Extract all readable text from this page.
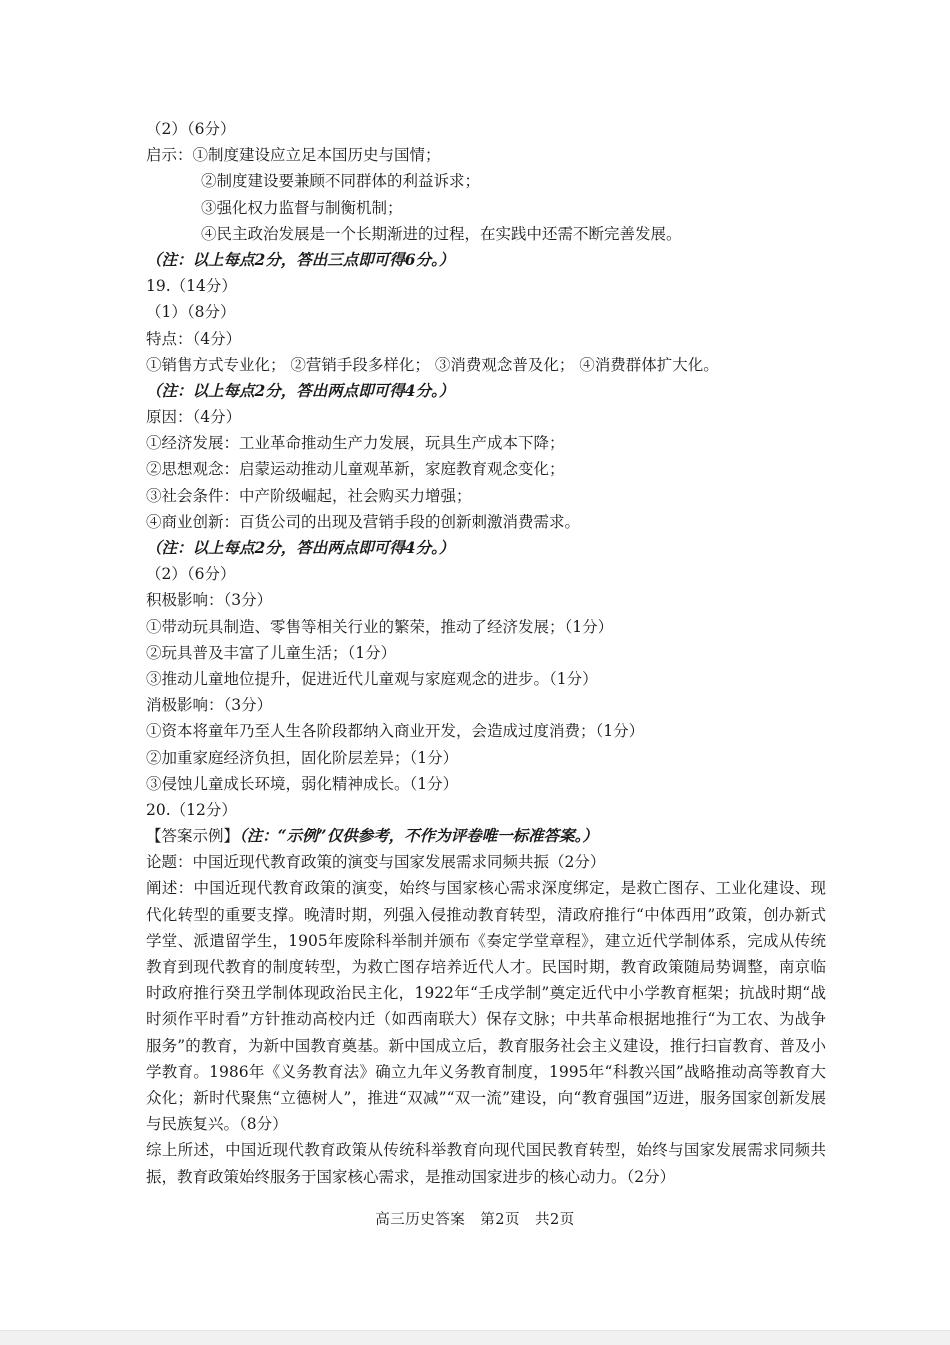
（2）（6分）
启示：①制度建设应立足本国历史与国情；
②制度建设要兼顾不同群体的利益诉求；
③强化权力监督与制衡机制；
④民主政治发展是一个长期渐进的过程，在实践中还需不断完善发展。
（注：以上每点2分，答出三点即可得6分。）
19.（14分）
（1）（8分）
特点：（4分）
①销售方式专业化； ②营销手段多样化； ③消费观念普及化； ④消费群体扩大化。
（注：以上每点2分，答出两点即可得4分。）
原因：（4分）
①经济发展：工业革命推动生产力发展，玩具生产成本下降；
②思想观念：启蒙运动推动儿童观革新，家庭教育观念变化；
③社会条件：中产阶级崛起，社会购买力增强；
④商业创新：百货公司的出现及营销手段的创新刺激消费需求。
（注：以上每点2分，答出两点即可得4分。）
（2）（6分）
积极影响：（3分）
①带动玩具制造、零售等相关行业的繁荣，推动了经济发展；（1分）
②玩具普及丰富了儿童生活；（1分）
③推动儿童地位提升，促进近代儿童观与家庭观念的进步。（1分）
消极影响：（3分）
①资本将童年乃至人生各阶段都纳入商业开发，会造成过度消费；（1分）
②加重家庭经济负担，固化阶层差异；（1分）
③侵蚀儿童成长环境，弱化精神成长。（1分）
20.（12分）
【答案示例】（注：“示例”仅供参考，不作为评卷唯一标准答案。）
论题：中国近现代教育政策的演变与国家发展需求同频共振（2分）
阐述：中国近现代教育政策的演变，始终与国家核心需求深度绑定，是救亡图存、工业化建设、现代化转型的重要支撑。晚清时期，列强入侵推动教育转型，清政府推行“中体西用”政策，创办新式学堂、派遣留学生，1905年废除科举制并颁布《奏定学堂章程》，建立近代学制体系，完成从传统教育到现代教育的制度转型，为救亡图存培养近代人才。民国时期，教育政策随局势调整，南京临时政府推行癸丑学制体现政治民主化，1922年“壬戌学制”奠定近代中小学教育框架；抗战时期“战时须作平时看”方针推动高校内迁（如西南联大）保存文脉；中共革命根据地推行“为工农、为战争服务”的教育，为新中国教育奠基。新中国成立后，教育服务社会主义建设，推行扫盲教育、普及小学教育。1986年《义务教育法》确立九年义务教育制度，1995年“科教兴国”战略推动高等教育大众化；新时代聚焦“立德树人”，推进“双减”“双一流”建设，向“教育强国”迈进，服务国家创新发展与民族复兴。（8分）
综上所述，中国近现代教育政策从传统科举教育向现代国民教育转型，始终与国家发展需求同频共振，教育政策始终服务于国家核心需求，是推动国家进步的核心动力。（2分）
高三历史答案　第2页　共2页
